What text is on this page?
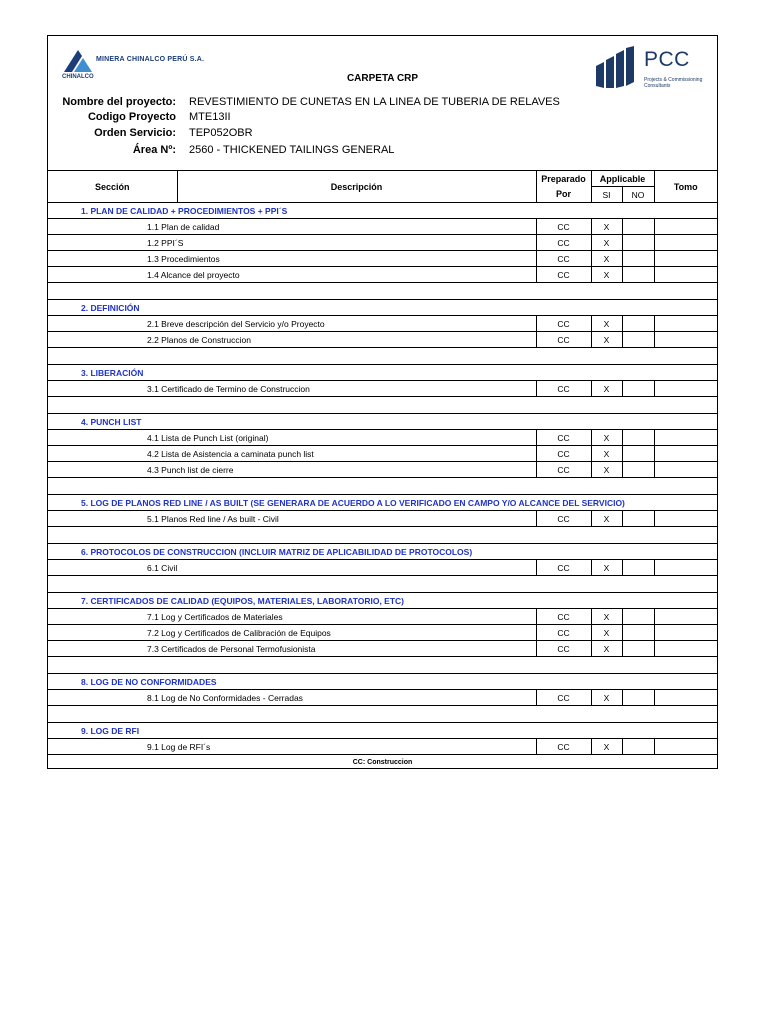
MINERA CHINALCO PERÚ S.A.
CHINALCO	CARPETA CRP
PCC
Projects & Commissioning Consultants
Nombre del proyecto: REVESTIMIENTO DE CUNETAS EN LA LINEA DE TUBERIA DE RELAVES
Codigo Proyecto MTE13II
Orden Servicio: TEP052OBR
Área Nº: 2560 - THICKENED TAILINGS GENERAL
Sección	Descripción	Preparado	Applicable		Tomo
		Por	SI	NO	
1. PLAN DE CALIDAD + PROCEDIMIENTOS + PPI´S					
1.1 Plan de calidad		CC	X		
1.2 PPI´S		CC	X		
1.3 Procedimientos		CC	X		
1.4 Alcance del proyecto		CC	X		

2. DEFINICIÓN					
2.1 Breve descripción del Servicio y/o Proyecto		CC	X		
2.2 Planos de Construccion		CC	X		

3. LIBERACIÓN					
3.1 Certificado de Termino de Construccion		CC	X		

4. PUNCH LIST					
4.1 Lista de Punch List (original)		CC	X		
4.2 Lista de Asistencia a caminata punch list		CC	X		
4.3 Punch list de cierre		CC	X		

5. LOG DE PLANOS RED LINE / AS BUILT (SE GENERARA DE ACUERDO A LO VERIFICADO EN CAMPO Y/O ALCANCE DEL SERVICIO)					
5.1 Planos Red line / As built - Civil		CC	X		

6. PROTOCOLOS DE CONSTRUCCION (INCLUIR MATRIZ DE APLICABILIDAD DE PROTOCOLOS)					
6.1 Civil		CC	X		

7. CERTIFICADOS DE CALIDAD (EQUIPOS, MATERIALES, LABORATORIO, ETC)					
7.1 Log y Certificados de Materiales		CC	X		
7.2 Log y Certificados de Calibración de Equipos		CC	X		
7.3 Certificados de Personal Termofusionista		CC	X		

8. LOG DE NO CONFORMIDADES					
8.1 Log de No Conformidades - Cerradas		CC	X		

9. LOG DE RFI					
9.1 Log de RFI´s		CC	X		
CC: Construccion					
